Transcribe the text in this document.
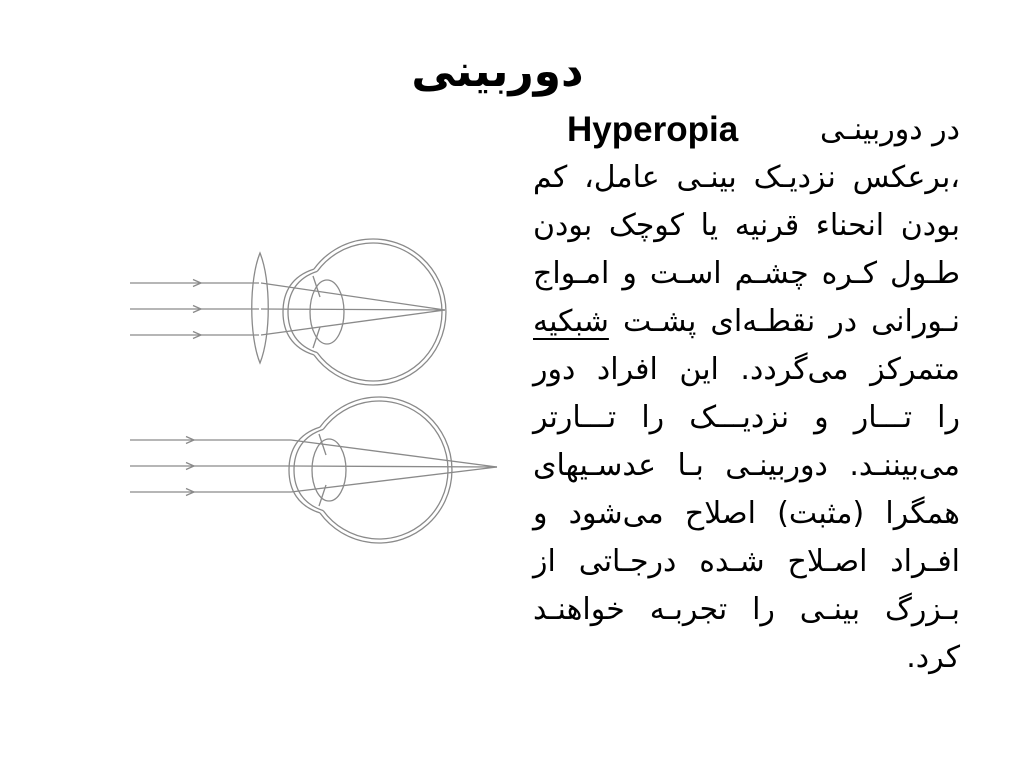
دوربینی
در دوربینـی
Hyperopia
،برعکس نزدیـک بینـی عامل، کم
بودن انحناء قرنیه یا کوچک بودن
طـول کـره چشـم اسـت و امـواج
نـورانی در نقطـه‌ای پشـت شبکیه
متمرکز می‌گردد. این افراد دور
را تـــار و نزدیـــک را تـــارتر
می‌بیننـد. دوربینـی بـا عدسـیهای
همگرا (مثبت) اصلاح می‌شود و
افـراد اصـلاح شـده درجـاتی از
بـزرگ بینـی را تجربـه خواهنـد
کرد.
